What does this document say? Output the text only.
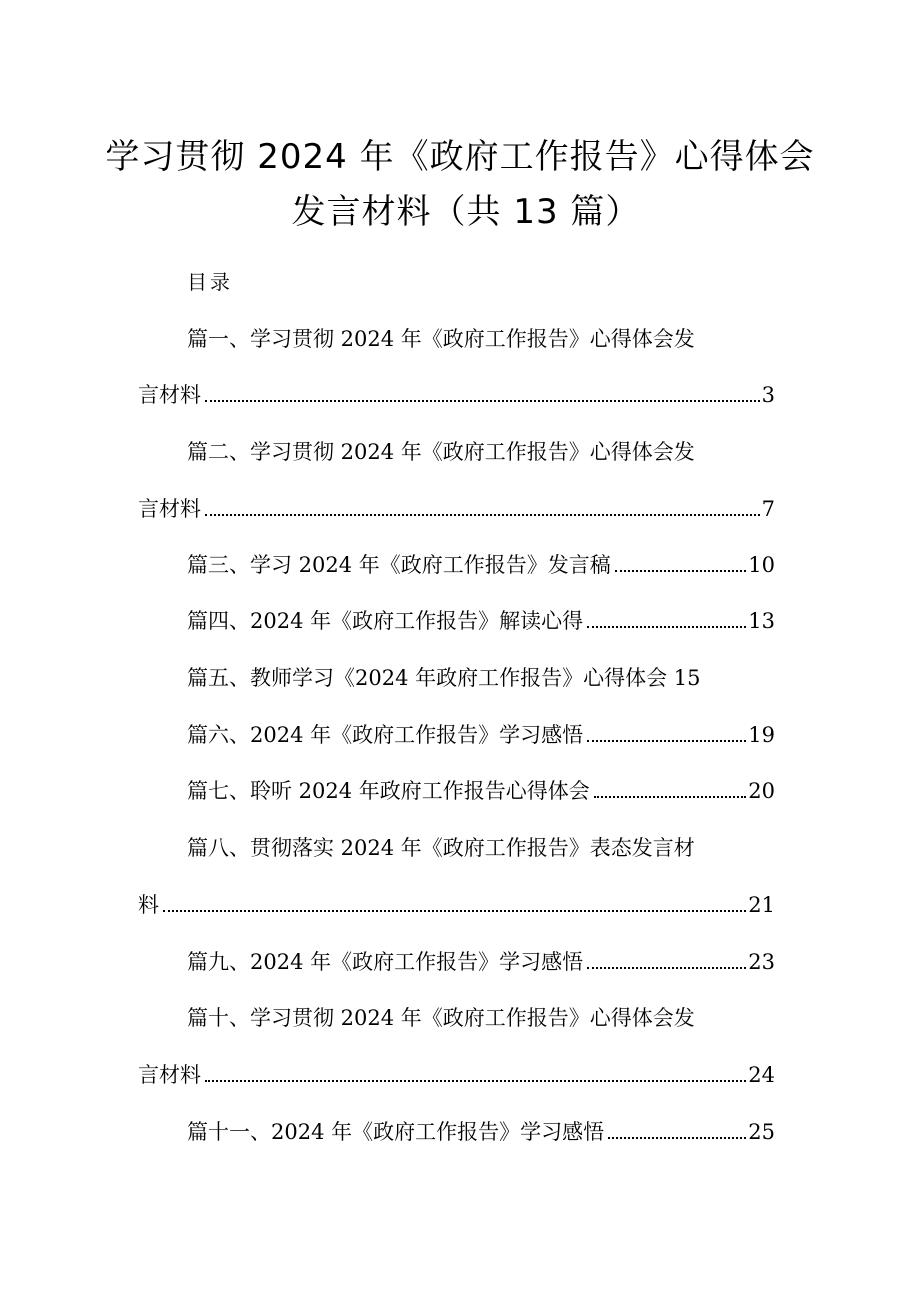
学习贯彻 2024 年《政府工作报告》心得体会
发言材料（共 13 篇）
目录
篇一、学习贯彻 2024 年《政府工作报告》心得体会发
言材料	3
篇二、学习贯彻 2024 年《政府工作报告》心得体会发
言材料	7
篇三、学习 2024 年《政府工作报告》发言稿	10
篇四、2024 年《政府工作报告》解读心得	13
篇五、教师学习《2024 年政府工作报告》心得体会 15
篇六、2024 年《政府工作报告》学习感悟	19
篇七、聆听 2024 年政府工作报告心得体会	20
篇八、贯彻落实 2024 年《政府工作报告》表态发言材
料	21
篇九、2024 年《政府工作报告》学习感悟	23
篇十、学习贯彻 2024 年《政府工作报告》心得体会发
言材料	24
篇十一、2024 年《政府工作报告》学习感悟	25
